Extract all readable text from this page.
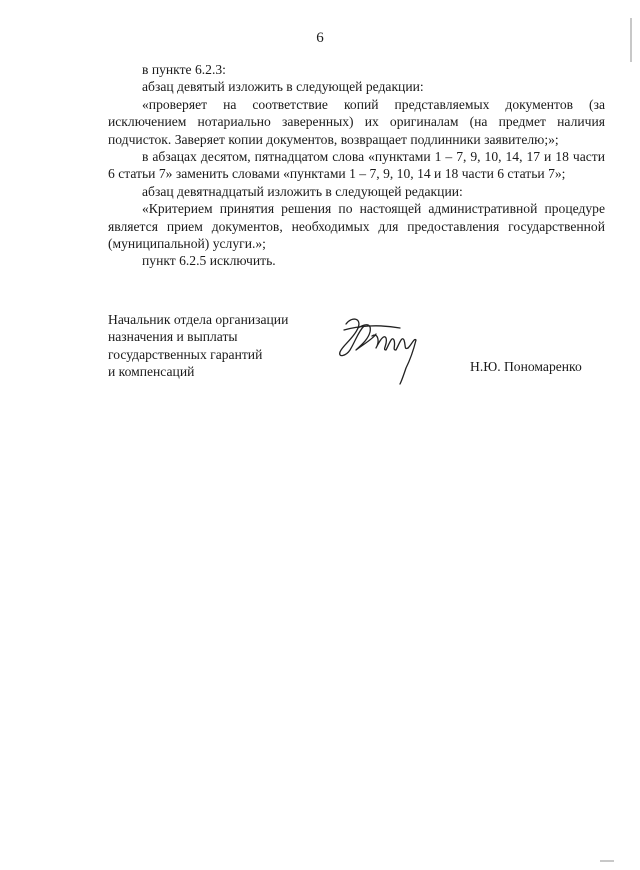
6

в пункте 6.2.3:

абзац девятый изложить в следующей редакции:

«проверяет на соответствие копий представляемых документов (за исключением нотариально заверенных) их оригиналам (на предмет наличия подчисток. Заверяет копии документов, возвращает подлинники заявителю;»;

в абзацах десятом, пятнадцатом слова «пунктами 1 – 7, 9, 10, 14, 17 и 18 части 6 статьи 7» заменить словами «пунктами 1 – 7, 9, 10, 14 и 18 части 6 статьи 7»;

абзац девятнадцатый изложить в следующей редакции:

«Критерием принятия решения по настоящей административной процедуре является прием документов, необходимых для предоставления государственной (муниципальной) услуги.»;

пункт 6.2.5 исключить.

Начальник отдела организации
назначения и выплаты
государственных гарантий
и компенсаций	Н.Ю. Пономаренко
